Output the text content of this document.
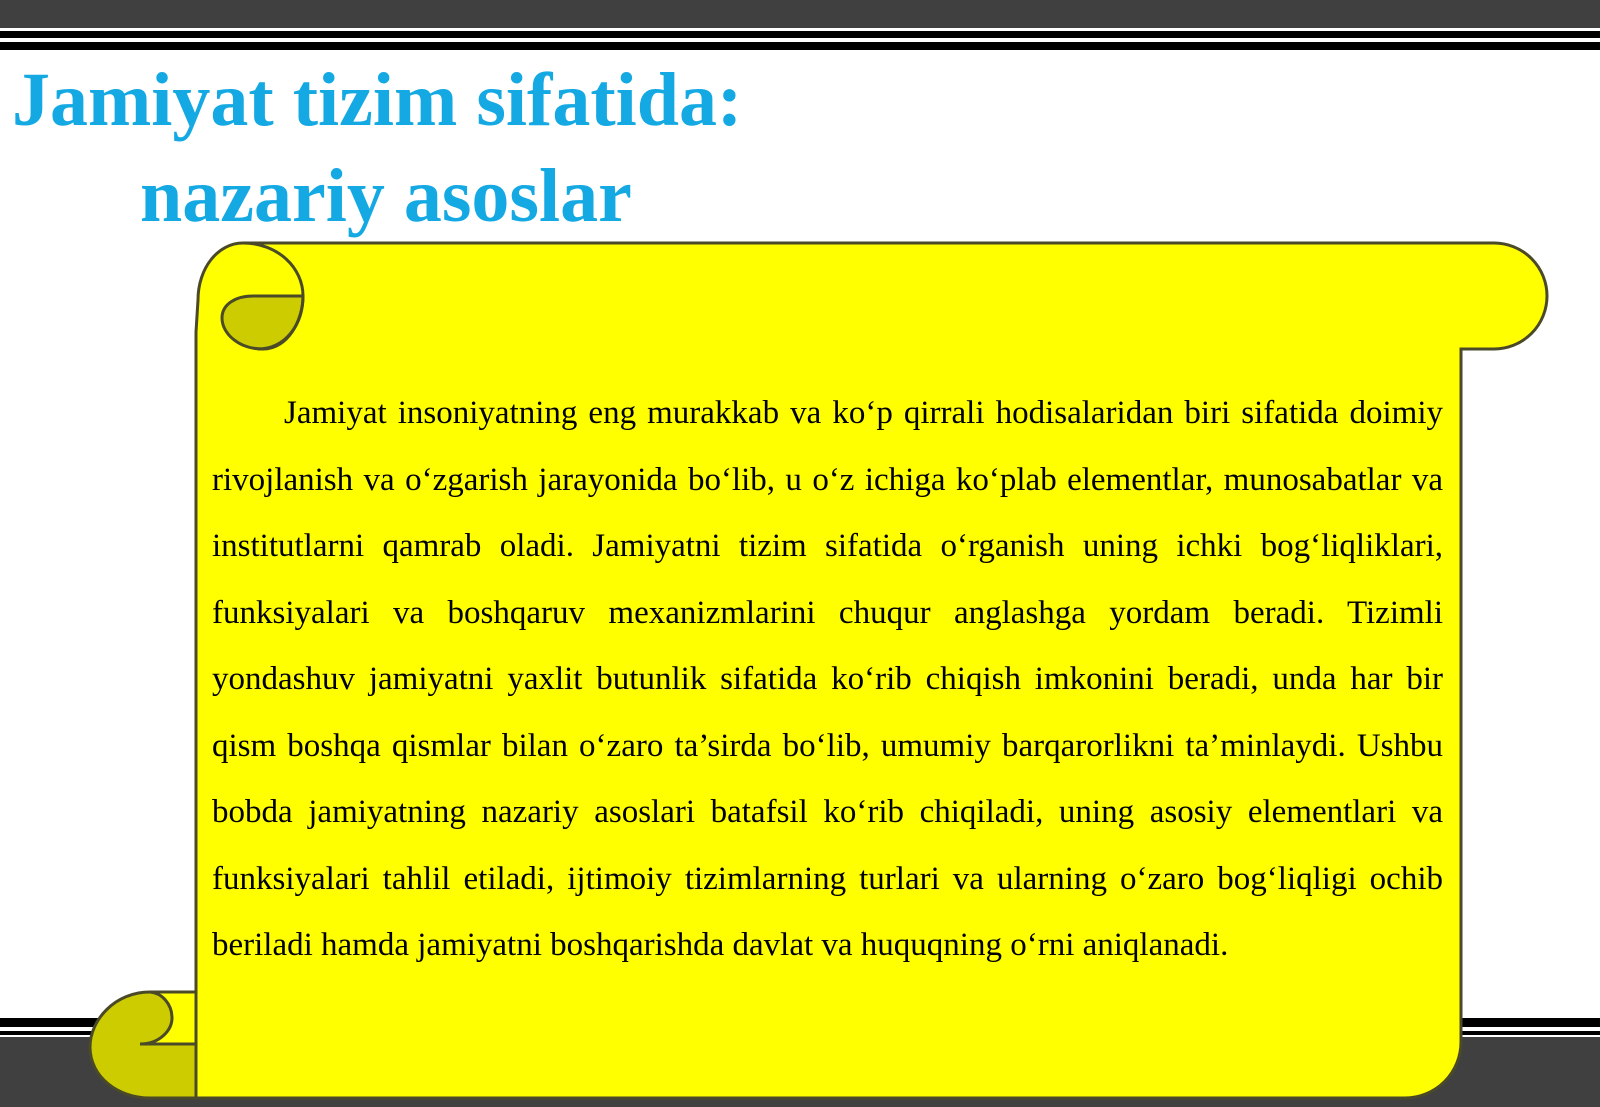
Jamiyat tizim sifatida:
nazariy asoslar

Jamiyat insoniyatning eng murakkab va ko‘p qirrali hodisalaridan biri sifatida doimiy rivojlanish va o‘zgarish jarayonida bo‘lib, u o‘z ichiga ko‘plab elementlar, munosabatlar va institutlarni qamrab oladi. Jamiyatni tizim sifatida o‘rganish uning ichki bog‘liqliklari, funksiyalari va boshqaruv mexanizmlarini chuqur anglashga yordam beradi. Tizimli yondashuv jamiyatni yaxlit butunlik sifatida ko‘rib chiqish imkonini beradi, unda har bir qism boshqa qismlar bilan o‘zaro ta’sirda bo‘lib, umumiy barqarorlikni ta’minlaydi. Ushbu bobda jamiyatning nazariy asoslari batafsil ko‘rib chiqiladi, uning asosiy elementlari va funksiyalari tahlil etiladi, ijtimoiy tizimlarning turlari va ularning o‘zaro bog‘liqligi ochib beriladi hamda jamiyatni boshqarishda davlat va huquqning o‘rni aniqlanadi.
